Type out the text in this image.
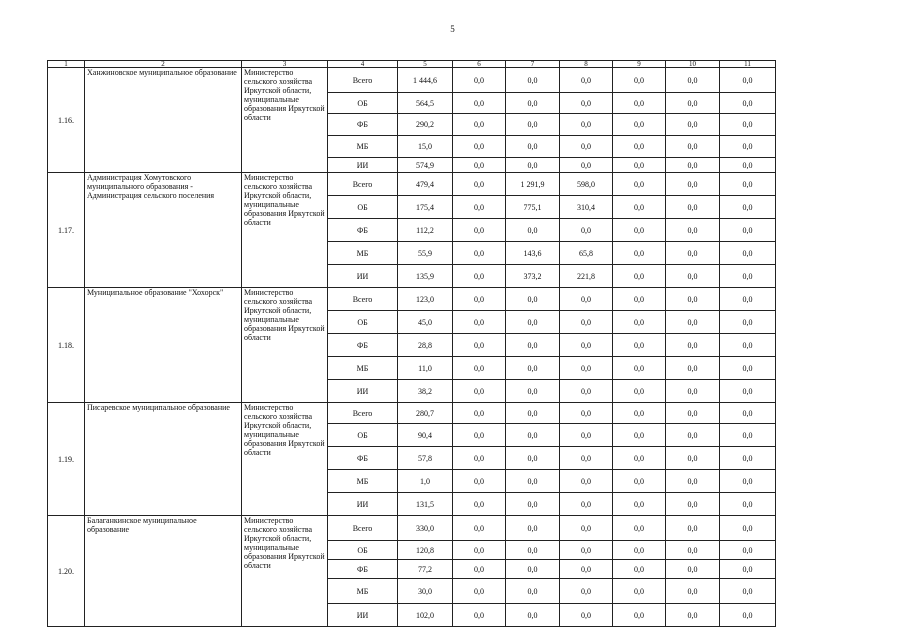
5
1	2	3	4	5	6	7	8	9	10	11
1.16.	Ханжиновское муниципальное образование	Министерство сельского хозяйства Иркутской области, муниципальные образования Иркутской области	Всего	1 444,6	0,0	0,0	0,0	0,0	0,0	0,0
			ОБ	564,5	0,0	0,0	0,0	0,0	0,0	0,0
			ФБ	290,2	0,0	0,0	0,0	0,0	0,0	0,0
			МБ	15,0	0,0	0,0	0,0	0,0	0,0	0,0
			ИИ	574,9	0,0	0,0	0,0	0,0	0,0	0,0
1.17.	Администрация Хомутовского муниципального образования - Администрация сельского поселения	Министерство сельского хозяйства Иркутской области, муниципальные образования Иркутской области	Всего	479,4	0,0	1 291,9	598,0	0,0	0,0	0,0
			ОБ	175,4	0,0	775,1	310,4	0,0	0,0	0,0
			ФБ	112,2	0,0	0,0	0,0	0,0	0,0	0,0
			МБ	55,9	0,0	143,6	65,8	0,0	0,0	0,0
			ИИ	135,9	0,0	373,2	221,8	0,0	0,0	0,0
1.18.	Муниципальное образование "Хохорск"	Министерство сельского хозяйства Иркутской области, муниципальные образования Иркутской области	Всего	123,0	0,0	0,0	0,0	0,0	0,0	0,0
			ОБ	45,0	0,0	0,0	0,0	0,0	0,0	0,0
			ФБ	28,8	0,0	0,0	0,0	0,0	0,0	0,0
			МБ	11,0	0,0	0,0	0,0	0,0	0,0	0,0
			ИИ	38,2	0,0	0,0	0,0	0,0	0,0	0,0
1.19.	Писаревское муниципальное образование	Министерство сельского хозяйства Иркутской области, муниципальные образования Иркутской области	Всего	280,7	0,0	0,0	0,0	0,0	0,0	0,0
			ОБ	90,4	0,0	0,0	0,0	0,0	0,0	0,0
			ФБ	57,8	0,0	0,0	0,0	0,0	0,0	0,0
			МБ	1,0	0,0	0,0	0,0	0,0	0,0	0,0
			ИИ	131,5	0,0	0,0	0,0	0,0	0,0	0,0
1.20.	Балаганкинское муниципальное образование	Министерство сельского хозяйства Иркутской области, муниципальные образования Иркутской области	Всего	330,0	0,0	0,0	0,0	0,0	0,0	0,0
			ОБ	120,8	0,0	0,0	0,0	0,0	0,0	0,0
			ФБ	77,2	0,0	0,0	0,0	0,0	0,0	0,0
			МБ	30,0	0,0	0,0	0,0	0,0	0,0	0,0
			ИИ	102,0	0,0	0,0	0,0	0,0	0,0	0,0
